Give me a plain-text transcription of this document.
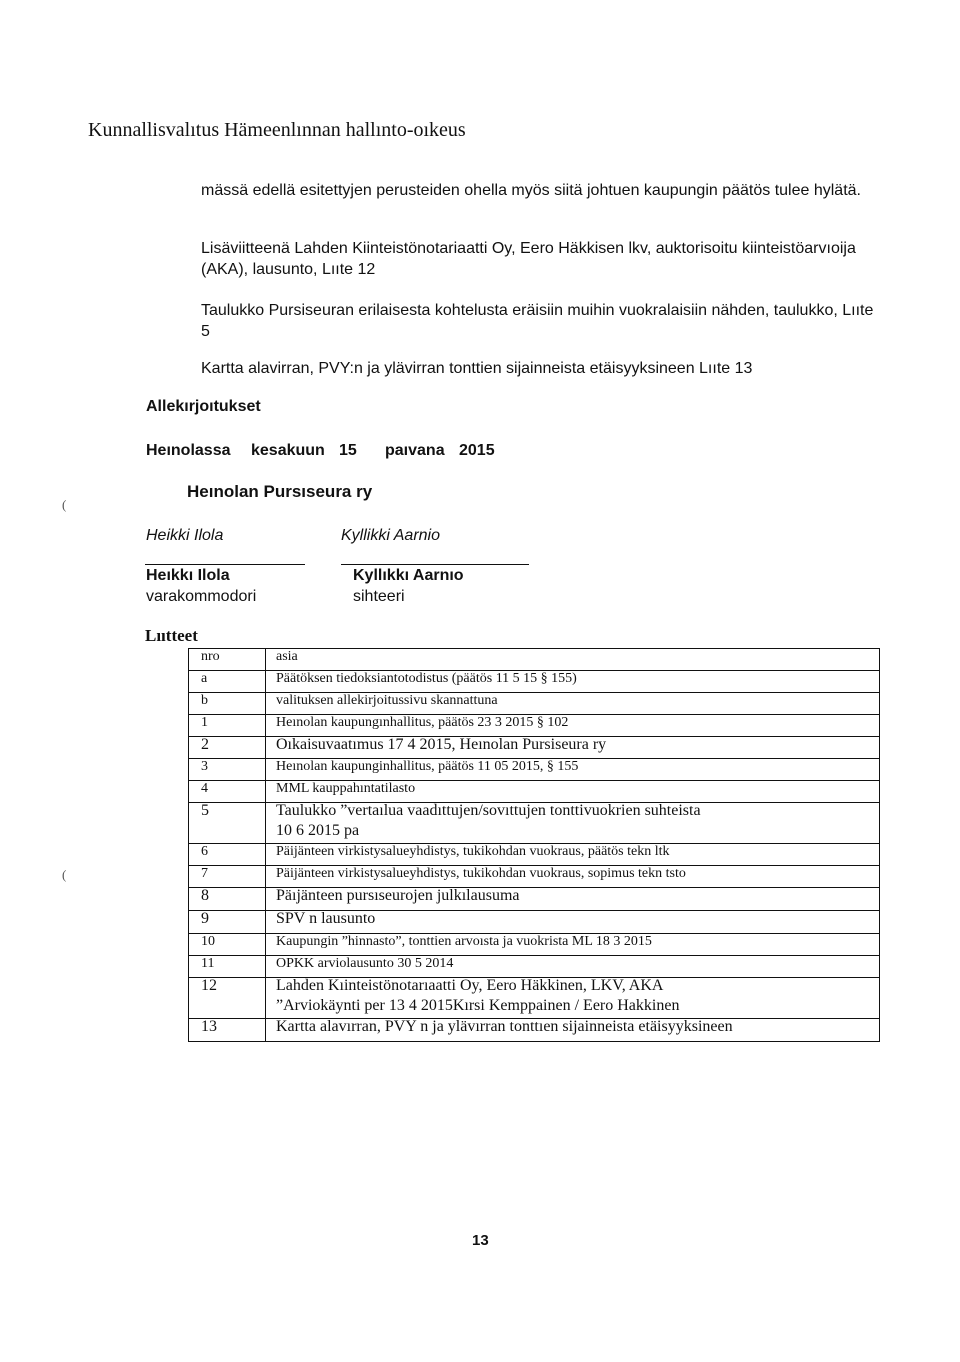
Kunnallisvalıtus Hämeenlınnan hallınto-oıkeus
mässä edellä esitettyjen perusteiden ohella myös siitä johtuen kaupungin päätös tulee hylätä.
Lisäviitteenä Lahden Kiinteistönotariaatti Oy, Eero Häkkisen lkv, auktorisoitu kiinteistöarvıoija (AKA), lausunto, Lııte 12
Taulukko Pursiseuran erilaisesta kohtelusta eräisiin muihin vuokralaisiin nähden, taulukko, Lııte 5
Kartta alavirran, PVY:n ja ylävirran tonttien sijainneista etäisyyksineen Lııte 13
Allekırjoıtukset
Heınolassa kesakuun 15 paıvana 2015
Heınolan Pursıseura ry
Heikki Ilola	Kyllikki Aarnio
Heıkkı Ilola
varakommodori
Kyllıkkı Aarnıo
sihteeri
Lııtteet
nro	asia
a	Päätöksen tiedoksiantotodistus (päätös 11 5 15 § 155)
b	valituksen allekirjoitussivu skannattuna
1	Heınolan kaupungınhallitus, päätös 23 3 2015 § 102
2	Oıkaisuvaatımus 17 4 2015, Heınolan Pursiseura ry
3	Heınolan kaupunginhallitus, päätös 11 05 2015, § 155
4	MML kauppahıntatilasto
5	Taulukko ”vertaılua vaadıttujen/sovıttujen tonttivuokrien suhteista
10 6 2015 pa

6	Päijänteen virkistysalueyhdistys, tukikohdan vuokraus, päätös tekn ltk
7	Päijänteen virkistysalueyhdistys, tukikohdan vuokraus, sopimus tekn tsto
8	Päıjänteen pursıseurojen julkılausuma
9	SPV n lausunto
10	Kaupungin ”hinnasto”, tonttien arvoısta ja vuokrista ML 18 3 2015
11	OPKK arviolausunto 30 5 2014
12	Lahden Kıinteistönotarıaatti Oy, Eero Häkkinen, LKV, AKA
”Arviokäynti per 13 4 2015Kırsi Kemppainen / Eero Hakkinen

13	Kartta alavırran, PVY n ja ylävırran tonttıen sijainneista etäisyyksineen
13
(
(
